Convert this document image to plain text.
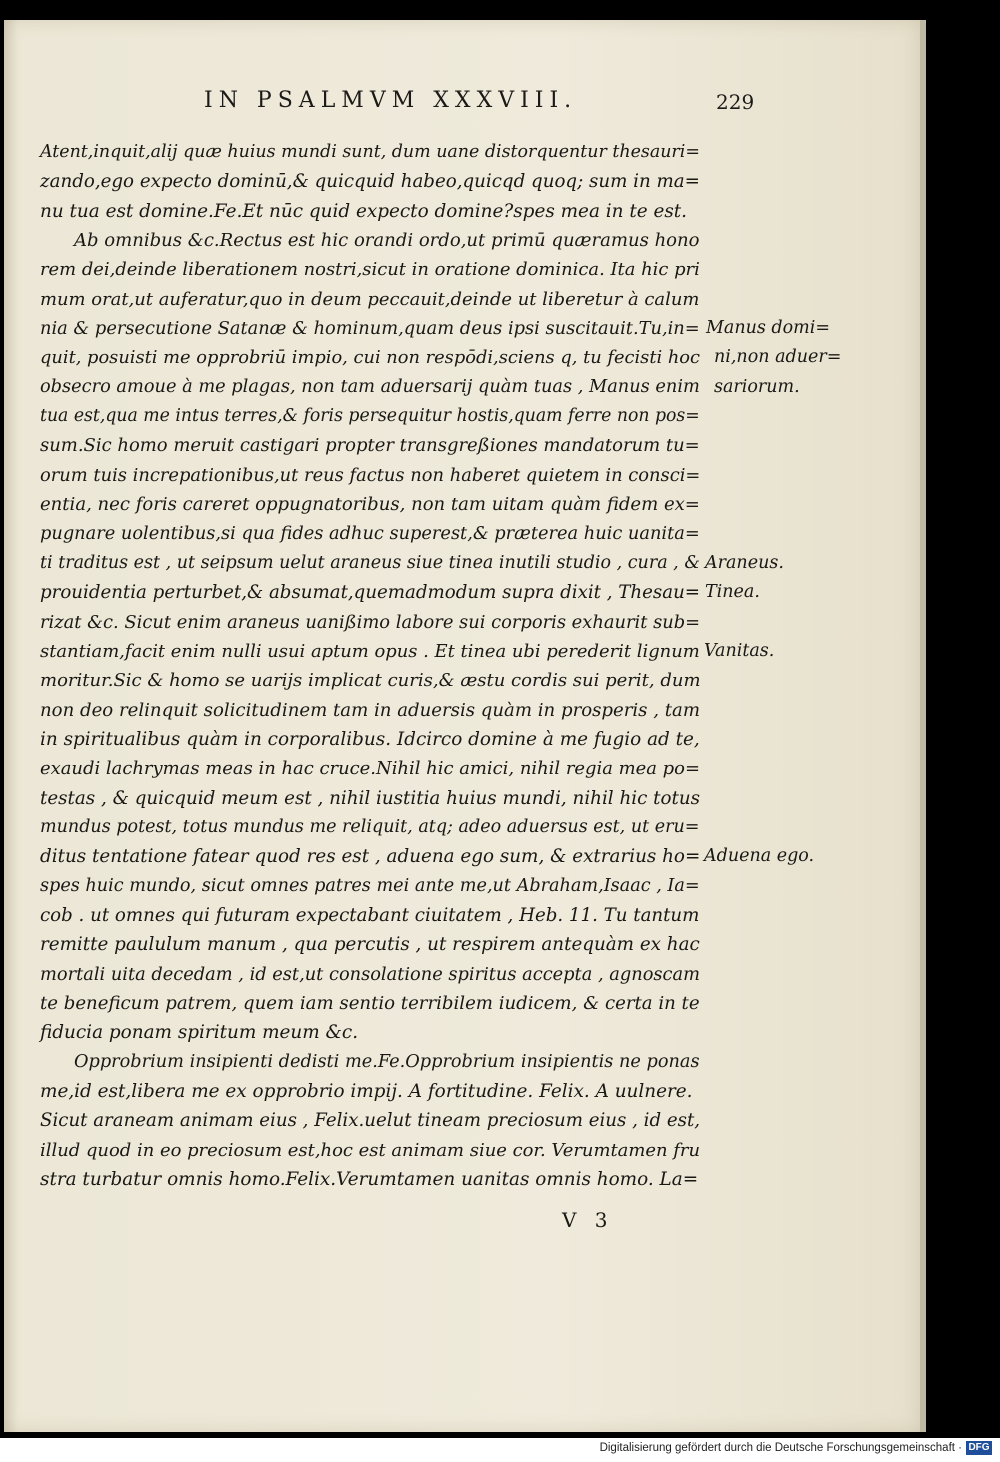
IN PSALMVM XXXVIII.	229
Atent,inquit,alij quæ huius mundi sunt, dum uane distorquentur thesauri=
zando,ego expecto dominū,& quicquid habeo,quicqd quoq; sum in ma=
nu tua est domine.Fe.Et nūc quid expecto domine?spes mea in te est.
Ab omnibus &c.Rectus est hic orandi ordo,ut primū quæramus hono
rem dei,deinde liberationem nostri,sicut in oratione dominica. Ita hic pri
mum orat,ut auferatur,quo in deum peccauit,deinde ut liberetur à calum
nia & persecutione Satanæ & hominum,quam deus ipsi suscitauit.Tu,in=
quit, posuisti me opprobriū impio, cui non respōdi,sciens q, tu fecisti hoc
obsecro amoue à me plagas, non tam aduersarij quàm tuas , Manus enim
tua est,qua me intus terres,& foris persequitur hostis,quam ferre non pos=
sum.Sic homo meruit castigari propter transgreßiones mandatorum tu=
orum tuis increpationibus,ut reus factus non haberet quietem in consci=
entia, nec foris careret oppugnatoribus, non tam uitam quàm fidem ex=
pugnare uolentibus,si qua fides adhuc superest,& præterea huic uanita=
ti traditus est , ut seipsum uelut araneus siue tinea inutili studio , cura , &
prouidentia perturbet,& absumat,quemadmodum supra dixit , Thesau=
rizat &c. Sicut enim araneus uanißimo labore sui corporis exhaurit sub=
stantiam,facit enim nulli usui aptum opus . Et tinea ubi perederit lignum
moritur.Sic & homo se uarijs implicat curis,& æstu cordis sui perit, dum
non deo relinquit solicitudinem tam in aduersis quàm in prosperis , tam
in spiritualibus quàm in corporalibus. Idcirco domine à me fugio ad te,
exaudi lachrymas meas in hac cruce.Nihil hic amici, nihil regia mea po=
testas , & quicquid meum est , nihil iustitia huius mundi, nihil hic totus
mundus potest, totus mundus me reliquit, atq; adeo aduersus est, ut eru=
ditus tentatione fatear quod res est , aduena ego sum, & extrarius ho=
spes huic mundo, sicut omnes patres mei ante me,ut Abraham,Isaac , Ia=
cob . ut omnes qui futuram expectabant ciuitatem , Heb. 11. Tu tantum
remitte paululum manum , qua percutis , ut respirem antequàm ex hac
mortali uita decedam , id est,ut consolatione spiritus accepta , agnoscam
te beneficum patrem, quem iam sentio terribilem iudicem, & certa in te
fiducia ponam spiritum meum &c.
Opprobrium insipienti dedisti me.Fe.Opprobrium insipientis ne ponas
me,id est,libera me ex opprobrio impij. A fortitudine. Felix. A uulnere.
Sicut araneam animam eius , Felix.uelut tineam preciosum eius , id est,
illud quod in eo preciosum est,hoc est animam siue cor. Verumtamen fru
stra turbatur omnis homo.Felix.Verumtamen uanitas omnis homo. La=
Manus domi=
ni,non aduer=
sariorum.
Araneus.
Tinea.
Vanitas.
Aduena ego.
V 3
Digitalisierung gefördert durch die Deutsche Forschungsgemeinschaft · DFG
